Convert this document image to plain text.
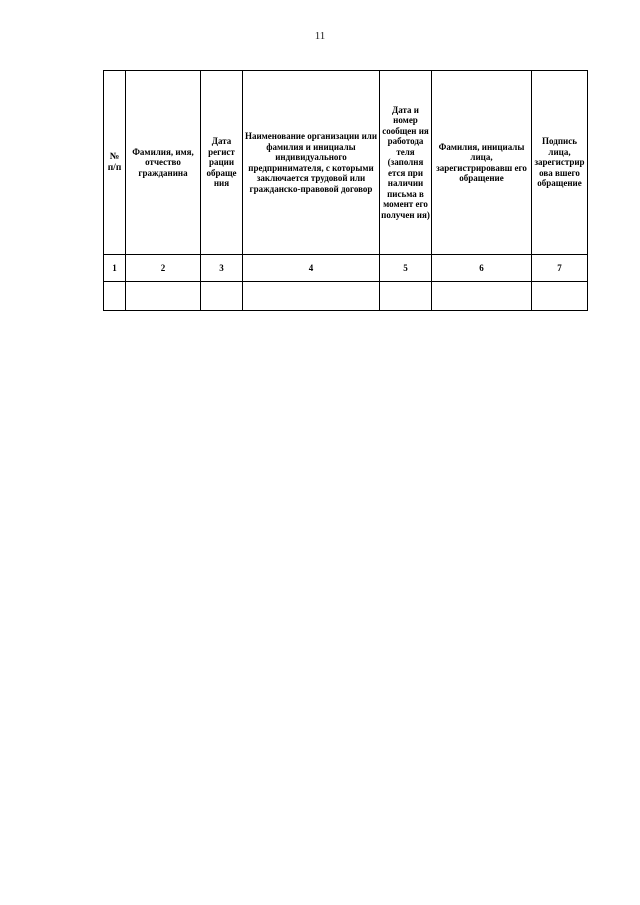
11
№ п/п	Фамилия, имя, отчество гражданина	Дата регист рации обраще ния	Наименование организации или фамилия и инициалы индивидуального предпринимателя, с которыми заключается трудовой или гражданско-правовой договор	Дата и номер сообщен ия работода теля (заполня ется при наличии письма в момент его получен ия)	Фамилия, инициалы лица, зарегистрировавш его обращение	Подпись лица, зарегистрирова вшего обращение
1	2	3	4	5	6	7
